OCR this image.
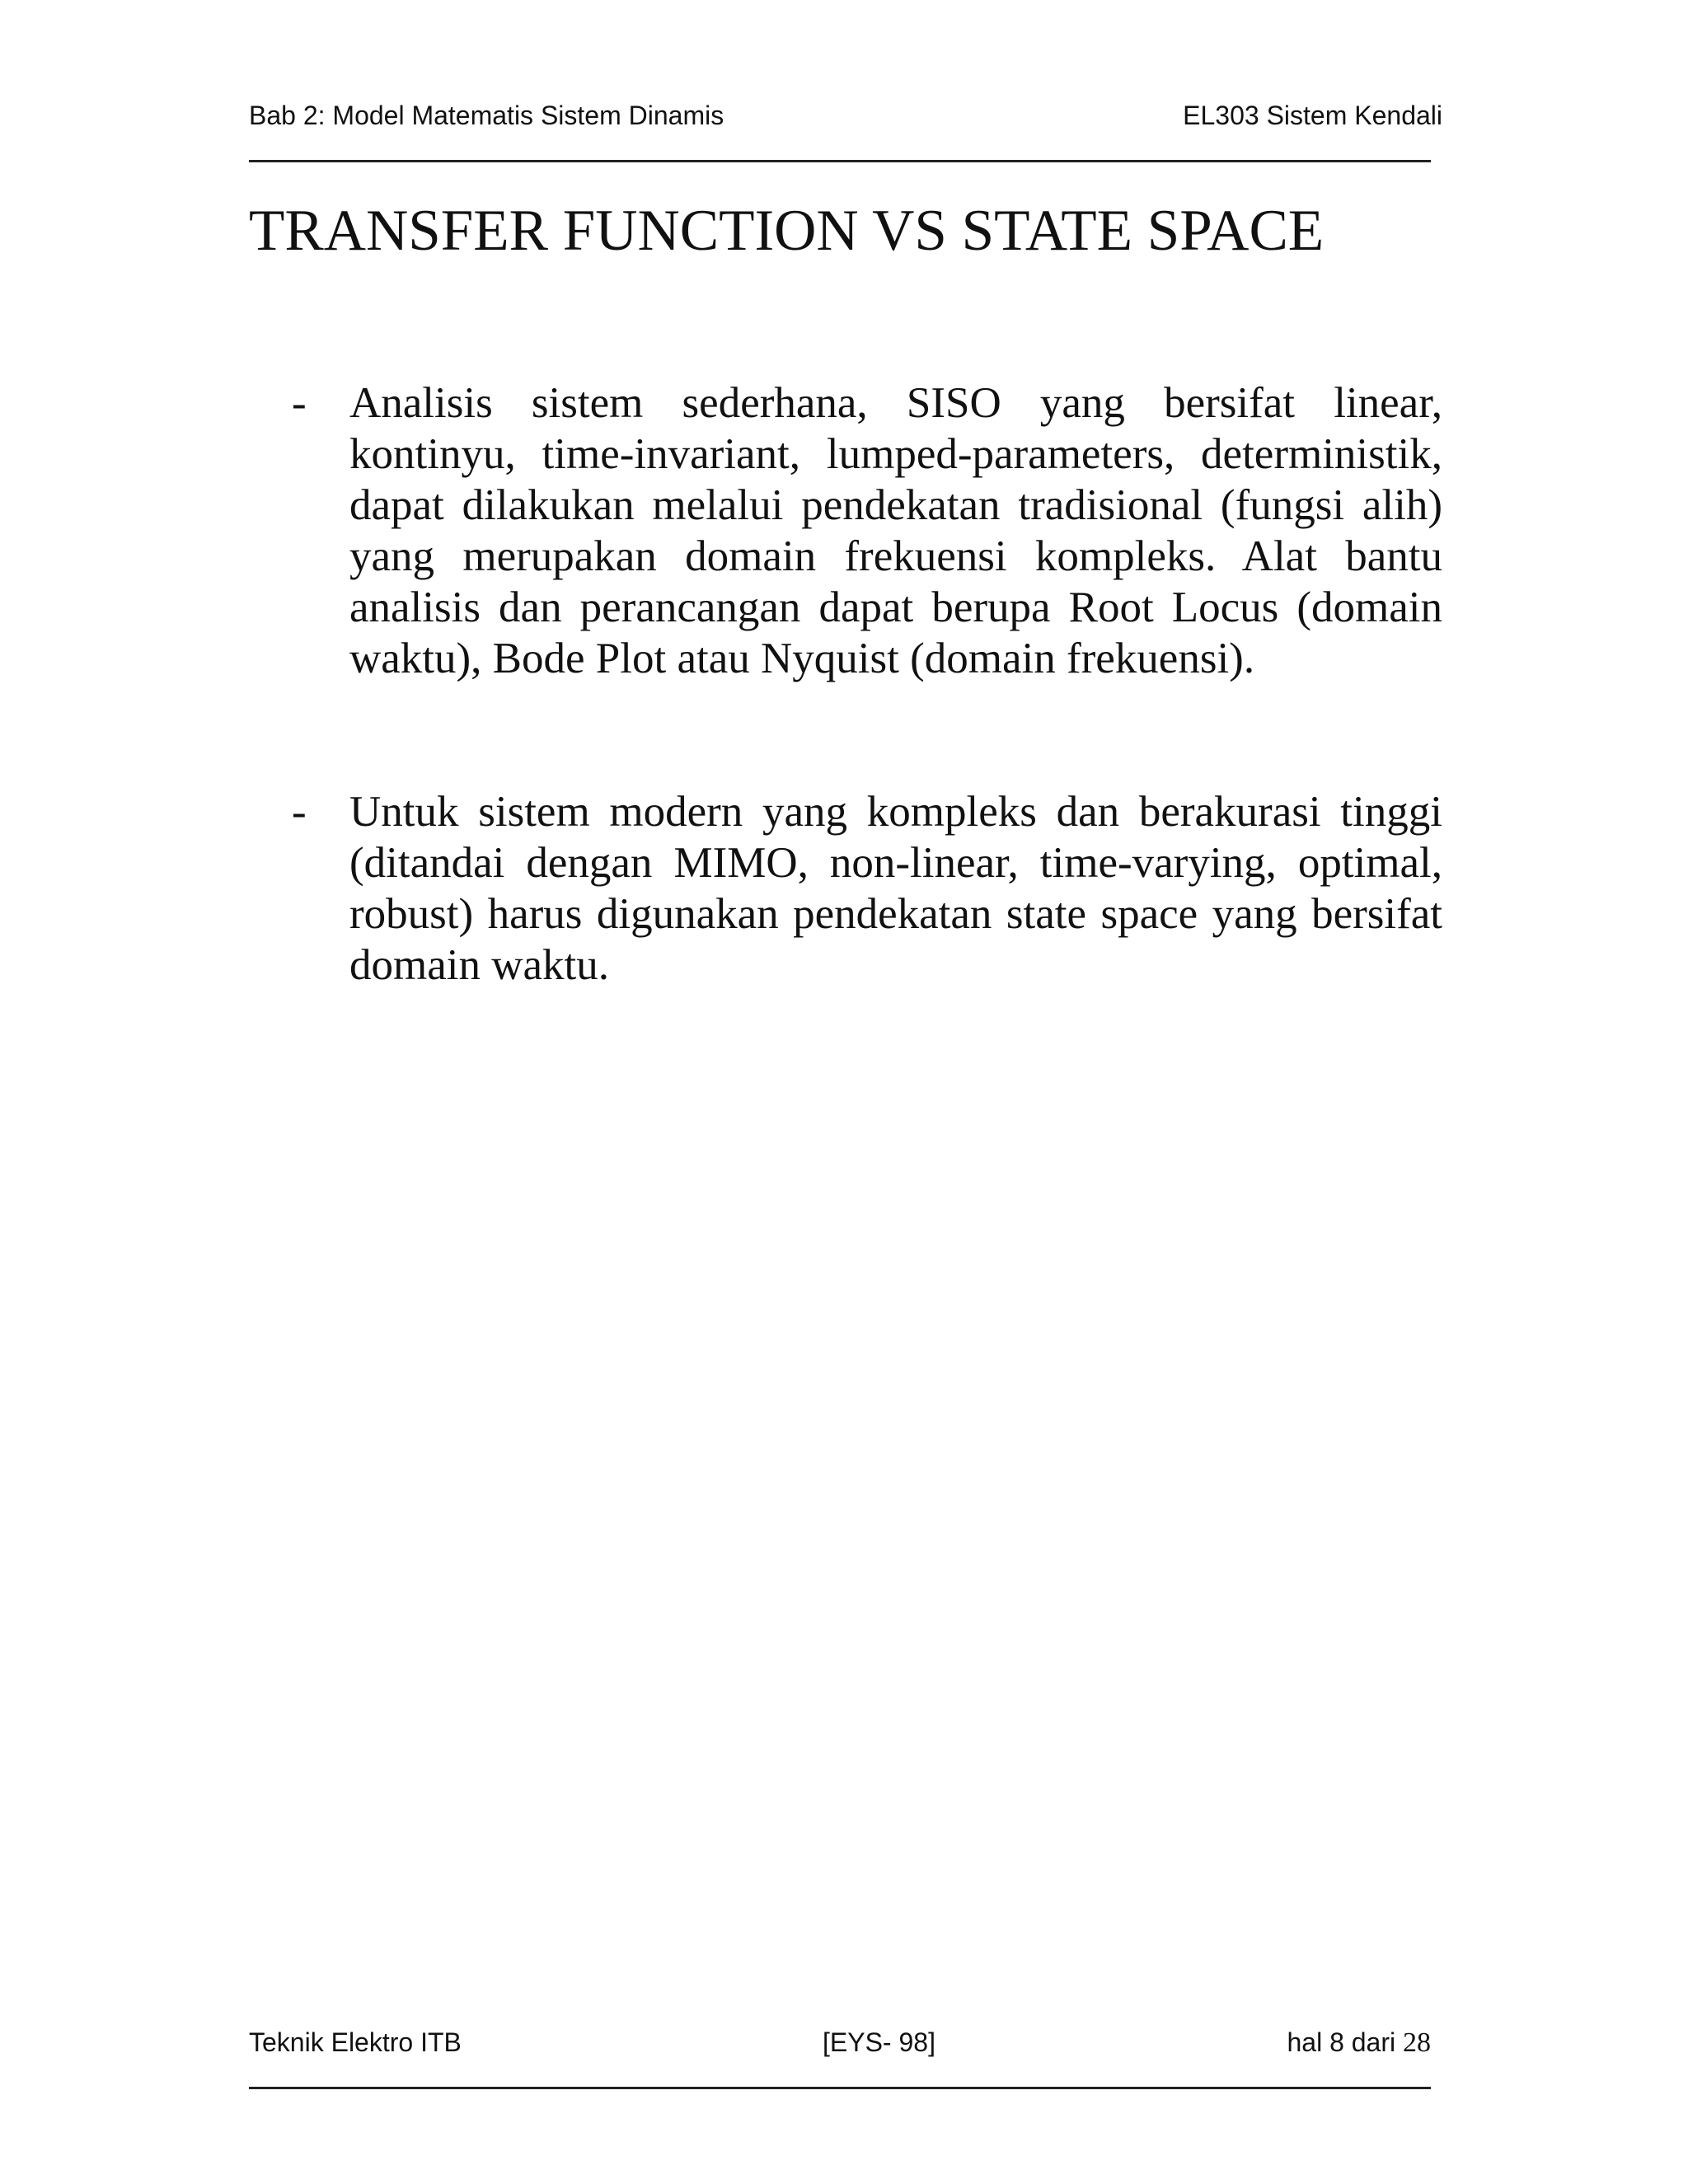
Bab 2: Model Matematis Sistem Dinamis	EL303 Sistem Kendali
TRANSFER FUNCTION VS STATE SPACE
- Analisis sistem sederhana, SISO yang bersifat linear, kontinyu, time-invariant, lumped-parameters, deterministik, dapat dilakukan melalui pendekatan tradisional (fungsi alih) yang merupakan domain frekuensi kompleks. Alat bantu analisis dan perancangan dapat berupa Root Locus (domain waktu), Bode Plot atau Nyquist (domain frekuensi).
- Untuk sistem modern yang kompleks dan berakurasi tinggi (ditandai dengan MIMO, non-linear, time-varying, optimal, robust) harus digunakan pendekatan state space yang bersifat domain waktu.
Teknik Elektro ITB	[EYS- 98]	hal 8 dari 28
